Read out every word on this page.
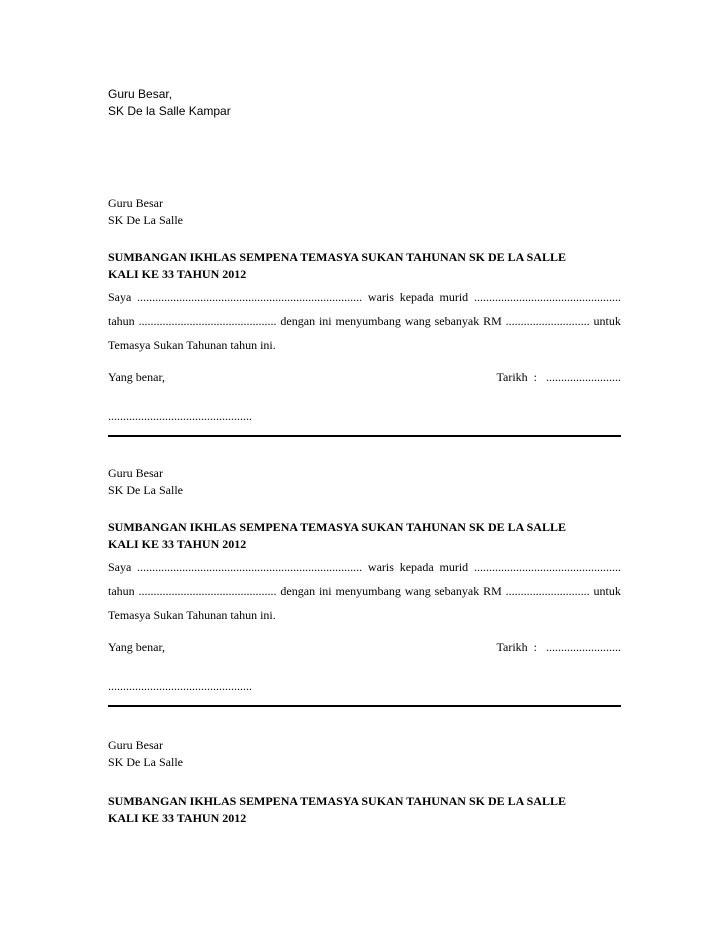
Guru Besar,
SK De la Salle Kampar
Guru Besar
SK De La Salle
SUMBANGAN IKHLAS SEMPENA TEMASYA SUKAN TAHUNAN SK DE LA SALLE
KALI KE 33 TAHUN 2012
Saya ........................................................................... waris kepada murid .................................................
tahun .............................................. dengan ini menyumbang wang sebanyak RM ............................ untuk
Temasya Sukan Tahunan tahun ini.
Yang benar,	Tarikh  : .........................
................................................
Guru Besar
SK De La Salle
SUMBANGAN IKHLAS SEMPENA TEMASYA SUKAN TAHUNAN SK DE LA SALLE
KALI KE 33 TAHUN 2012
Saya ........................................................................... waris kepada murid .................................................
tahun .............................................. dengan ini menyumbang wang sebanyak RM ............................ untuk
Temasya Sukan Tahunan tahun ini.
Yang benar,	Tarikh  : .........................
................................................
Guru Besar
SK De La Salle
SUMBANGAN IKHLAS SEMPENA TEMASYA SUKAN TAHUNAN SK DE LA SALLE
KALI KE 33 TAHUN 2012
